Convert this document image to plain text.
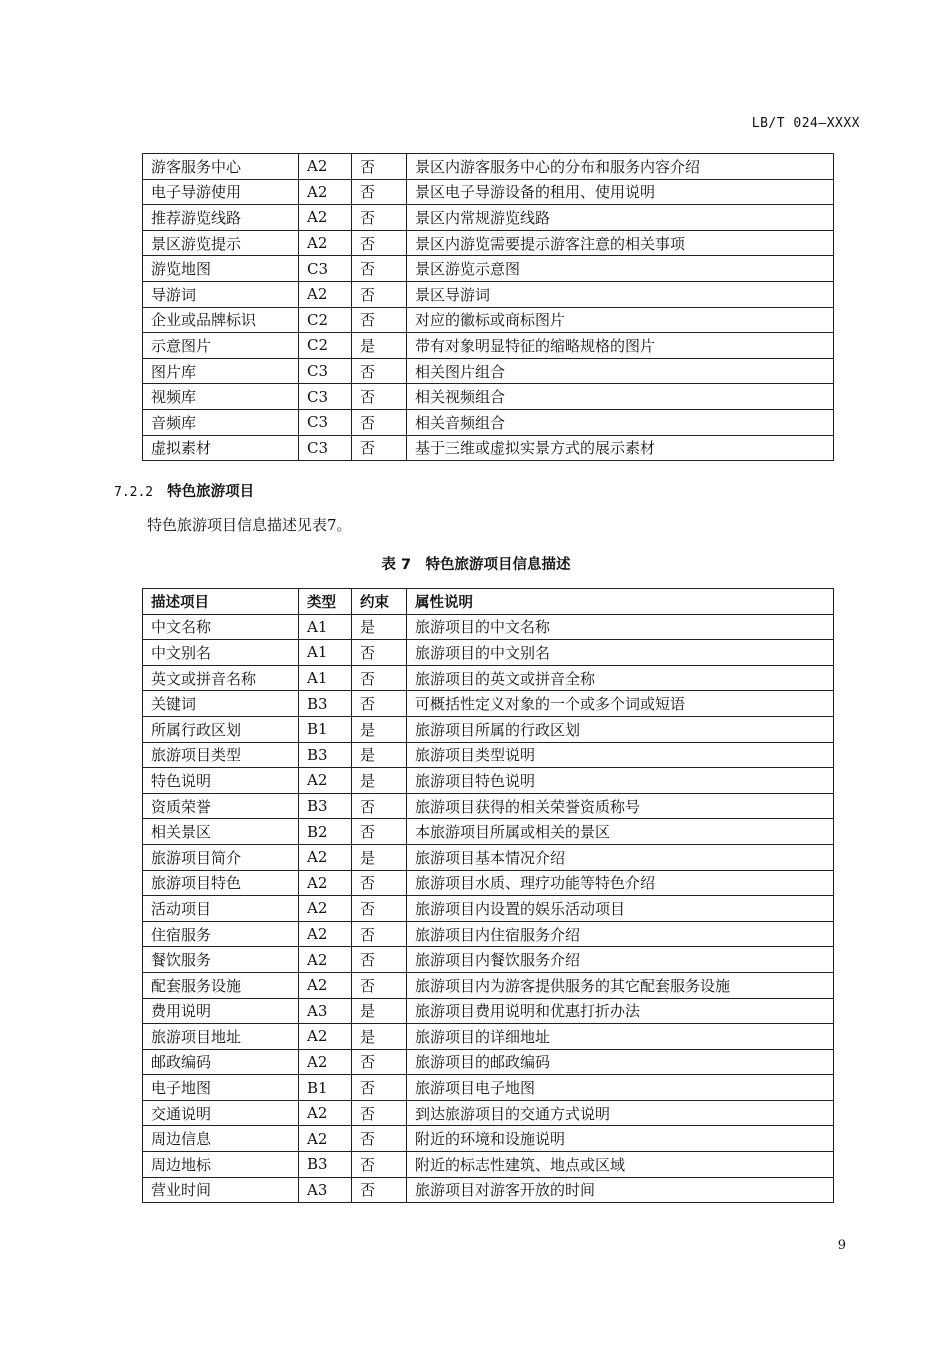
LB/T 024—XXXX
游客服务中心	A2	否	景区内游客服务中心的分布和服务内容介绍
电子导游使用	A2	否	景区电子导游设备的租用、使用说明
推荐游览线路	A2	否	景区内常规游览线路
景区游览提示	A2	否	景区内游览需要提示游客注意的相关事项
游览地图	C3	否	景区游览示意图
导游词	A2	否	景区导游词
企业或品牌标识	C2	否	对应的徽标或商标图片
示意图片	C2	是	带有对象明显特征的缩略规格的图片
图片库	C3	否	相关图片组合
视频库	C3	否	相关视频组合
音频库	C3	否	相关音频组合
虚拟素材	C3	否	基于三维或虚拟实景方式的展示素材
7.2.2 特色旅游项目
特色旅游项目信息描述见表7。
表 7　特色旅游项目信息描述
描述项目	类型	约束	属性说明
中文名称	A1	是	旅游项目的中文名称
中文别名	A1	否	旅游项目的中文别名
英文或拼音名称	A1	否	旅游项目的英文或拼音全称
关键词	B3	否	可概括性定义对象的一个或多个词或短语
所属行政区划	B1	是	旅游项目所属的行政区划
旅游项目类型	B3	是	旅游项目类型说明
特色说明	A2	是	旅游项目特色说明
资质荣誉	B3	否	旅游项目获得的相关荣誉资质称号
相关景区	B2	否	本旅游项目所属或相关的景区
旅游项目简介	A2	是	旅游项目基本情况介绍
旅游项目特色	A2	否	旅游项目水质、理疗功能等特色介绍
活动项目	A2	否	旅游项目内设置的娱乐活动项目
住宿服务	A2	否	旅游项目内住宿服务介绍
餐饮服务	A2	否	旅游项目内餐饮服务介绍
配套服务设施	A2	否	旅游项目内为游客提供服务的其它配套服务设施
费用说明	A3	是	旅游项目费用说明和优惠打折办法
旅游项目地址	A2	是	旅游项目的详细地址
邮政编码	A2	否	旅游项目的邮政编码
电子地图	B1	否	旅游项目电子地图
交通说明	A2	否	到达旅游项目的交通方式说明
周边信息	A2	否	附近的环境和设施说明
周边地标	B3	否	附近的标志性建筑、地点或区域
营业时间	A3	否	旅游项目对游客开放的时间
9
